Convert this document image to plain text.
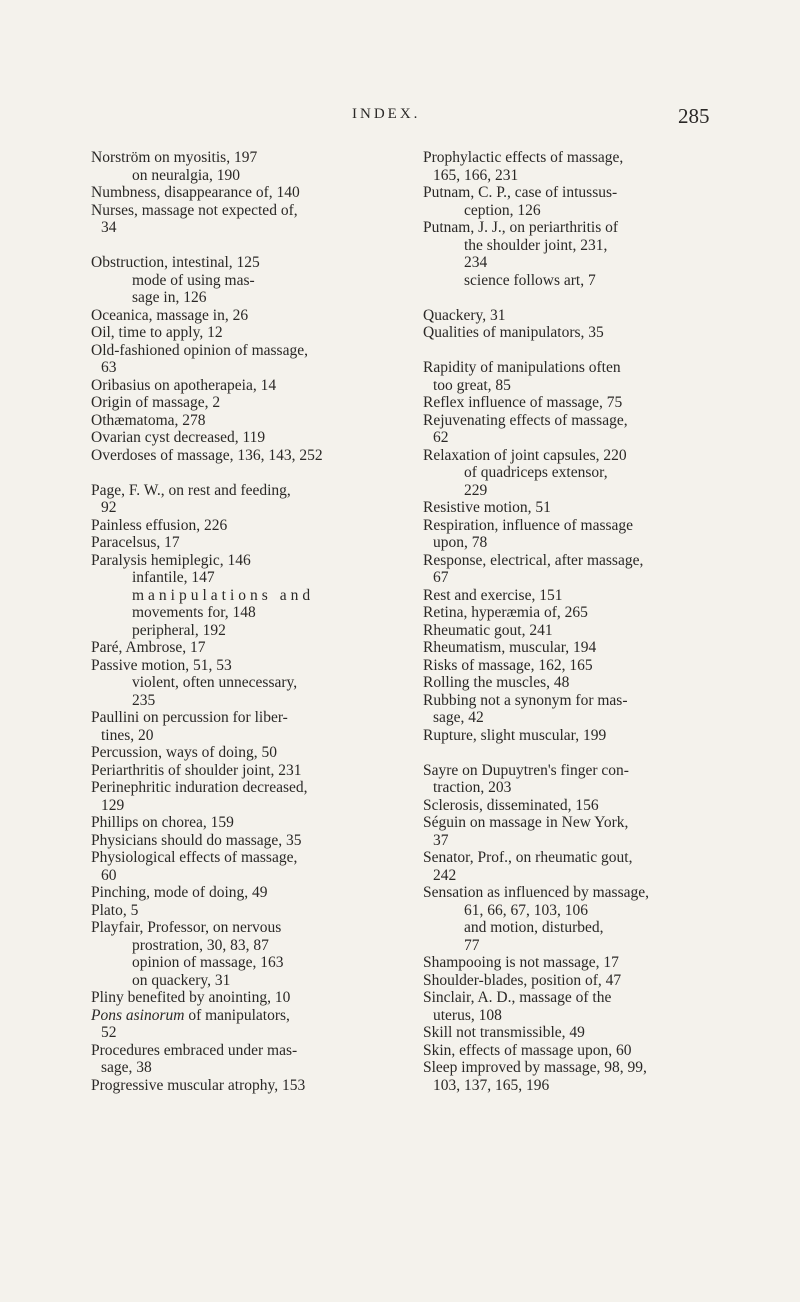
INDEX.	285
Norström on myositis, 197
on neuralgia, 190
Numbness, disappearance of, 140
Nurses, massage not expected of,
34
Obstruction, intestinal, 125
mode of using mas-
sage in, 126
Oceanica, massage in, 26
Oil, time to apply, 12
Old-fashioned opinion of massage,
63
Oribasius on apotherapeia, 14
Origin of massage, 2
Othæmatoma, 278
Ovarian cyst decreased, 119
Overdoses of massage, 136, 143, 252
Page, F. W., on rest and feeding,
92
Painless effusion, 226
Paracelsus, 17
Paralysis hemiplegic, 146
infantile, 147
manipulations and
movements for, 148
peripheral, 192
Paré, Ambrose, 17
Passive motion, 51, 53
violent, often unnecessary,
235
Paullini on percussion for liber-
tines, 20
Percussion, ways of doing, 50
Periarthritis of shoulder joint, 231
Perinephritic induration decreased,
129
Phillips on chorea, 159
Physicians should do massage, 35
Physiological effects of massage,
60
Pinching, mode of doing, 49
Plato, 5
Playfair, Professor, on nervous
prostration, 30, 83, 87
opinion of massage, 163
on quackery, 31
Pliny benefited by anointing, 10
Pons asinorum of manipulators,
52
Procedures embraced under mas-
sage, 38
Progressive muscular atrophy, 153
Prophylactic effects of massage,
165, 166, 231
Putnam, C. P., case of intussus-
ception, 126
Putnam, J. J., on periarthritis of
the shoulder joint, 231,
234
science follows art, 7
Quackery, 31
Qualities of manipulators, 35
Rapidity of manipulations often
too great, 85
Reflex influence of massage, 75
Rejuvenating effects of massage,
62
Relaxation of joint capsules, 220
of quadriceps extensor,
229
Resistive motion, 51
Respiration, influence of massage
upon, 78
Response, electrical, after massage,
67
Rest and exercise, 151
Retina, hyperæmia of, 265
Rheumatic gout, 241
Rheumatism, muscular, 194
Risks of massage, 162, 165
Rolling the muscles, 48
Rubbing not a synonym for mas-
sage, 42
Rupture, slight muscular, 199
Sayre on Dupuytren's finger con-
traction, 203
Sclerosis, disseminated, 156
Séguin on massage in New York,
37
Senator, Prof., on rheumatic gout,
242
Sensation as influenced by massage,
61, 66, 67, 103, 106
and motion, disturbed,
77
Shampooing is not massage, 17
Shoulder-blades, position of, 47
Sinclair, A. D., massage of the
uterus, 108
Skill not transmissible, 49
Skin, effects of massage upon, 60
Sleep improved by massage, 98, 99,
103, 137, 165, 196
